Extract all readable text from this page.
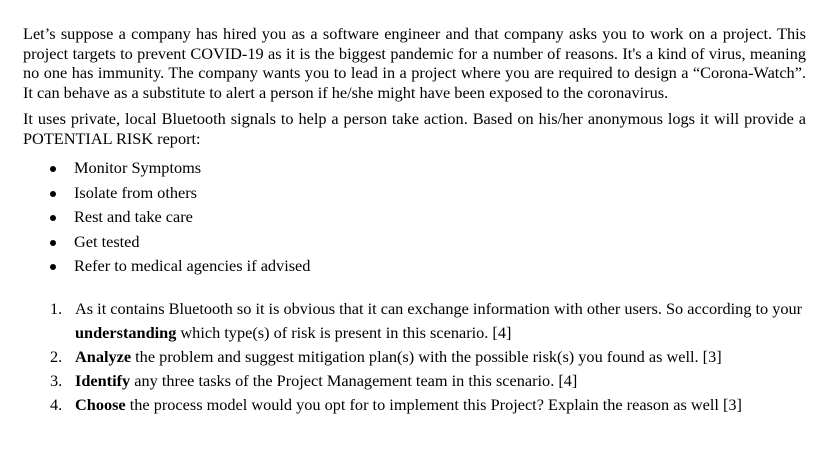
Let’s suppose a company has hired you as a software engineer and that company asks you to work on a project. This project targets to prevent COVID-19 as it is the biggest pandemic for a number of reasons. It's a kind of virus, meaning no one has immunity. The company wants you to lead in a project where you are required to design a “Corona-Watch”. It can behave as a substitute to alert a person if he/she might have been exposed to the coronavirus.

It uses private, local Bluetooth signals to help a person take action. Based on his/her anonymous logs it will provide a POTENTIAL RISK report:

Monitor Symptoms
Isolate from others
Rest and take care
Get tested
Refer to medical agencies if advised
1. As it contains Bluetooth so it is obvious that it can exchange information with other users. So according to your understanding which type(s) of risk is present in this scenario. [4]
2. Analyze the problem and suggest mitigation plan(s) with the possible risk(s) you found as well. [3]
3. Identify any three tasks of the Project Management team in this scenario. [4]
4. Choose the process model would you opt for to implement this Project? Explain the reason as well [3]
